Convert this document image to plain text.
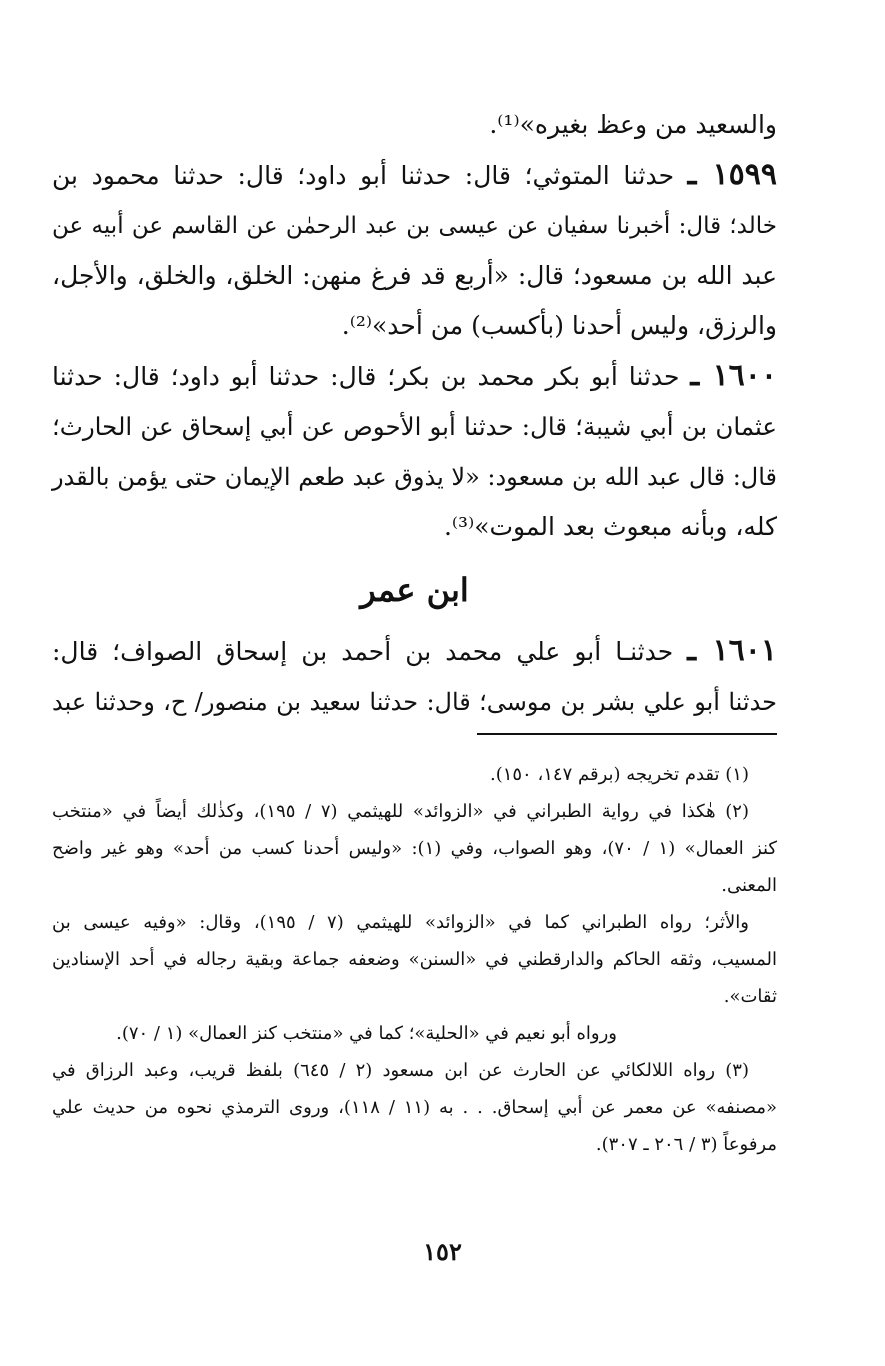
والسعيد من وعظ بغيره»⁽¹⁾.
١٥٩٩ ـ حدثنا المتوثي؛ قال: حدثنا أبو داود؛ قال: حدثنا محمود بن
خالد؛ قال: أخبرنا سفيان عن عيسى بن عبد الرحمٰن عن القاسم عن أبيه عن
عبد الله بن مسعود؛ قال: «أربع قد فرغ منهن: الخلق، والخلق، والأجل،
والرزق، وليس أحدنا (بأكسب) من أحد»⁽²⁾.
١٦٠٠ ـ حدثنا أبو بكر محمد بن بكر؛ قال: حدثنا أبو داود؛ قال: حدثنا
عثمان بن أبي شيبة؛ قال: حدثنا أبو الأحوص عن أبي إسحاق عن الحارث؛
قال: قال عبد الله بن مسعود: «لا يذوق عبد طعم الإيمان حتى يؤمن بالقدر
كله، وبأنه مبعوث بعد الموت»⁽³⁾.
ابن عمر
١٦٠١ ـ حدثنـا أبو علي محمد بن أحمد بن إسحاق الصواف؛ قال:
حدثنا أبو علي بشر بن موسى؛ قال: حدثنا سعيد بن منصور/ ح، وحدثنا عبد
(١) تقدم تخريجه (برقم ١٤٧، ١٥٠).
(٢) هٰكذا في رواية الطبراني في «الزوائد» للهيثمي (٧ / ١٩٥)، وكذٰلك أيضاً في «منتخب
كنز العمال» (١ / ٧٠)، وهو الصواب، وفي (١): «وليس أحدنا كسب من أحد» وهو غير واضح
المعنى.
والأثر؛ رواه الطبراني كما في «الزوائد» للهيثمي (٧ / ١٩٥)، وقال: «وفيه عيسى بن
المسيب، وثقه الحاكم والدارقطني في «السنن» وضعفه جماعة وبقية رجاله في أحد الإسنادين
ثقات».
ورواه أبو نعيم في «الحلية»؛ كما في «منتخب كنز العمال» (١ / ٧٠).
(٣) رواه اللالكائي عن الحارث عن ابن مسعود (٢ / ٦٤٥) بلفظ قريب، وعبد الرزاق في
«مصنفه» عن معمر عن أبي إسحاق. . . به (١١ / ١١٨)، وروى الترمذي نحوه من حديث علي
مرفوعاً (٣ / ٢٠٦ ـ ٣٠٧).
١٥٢
